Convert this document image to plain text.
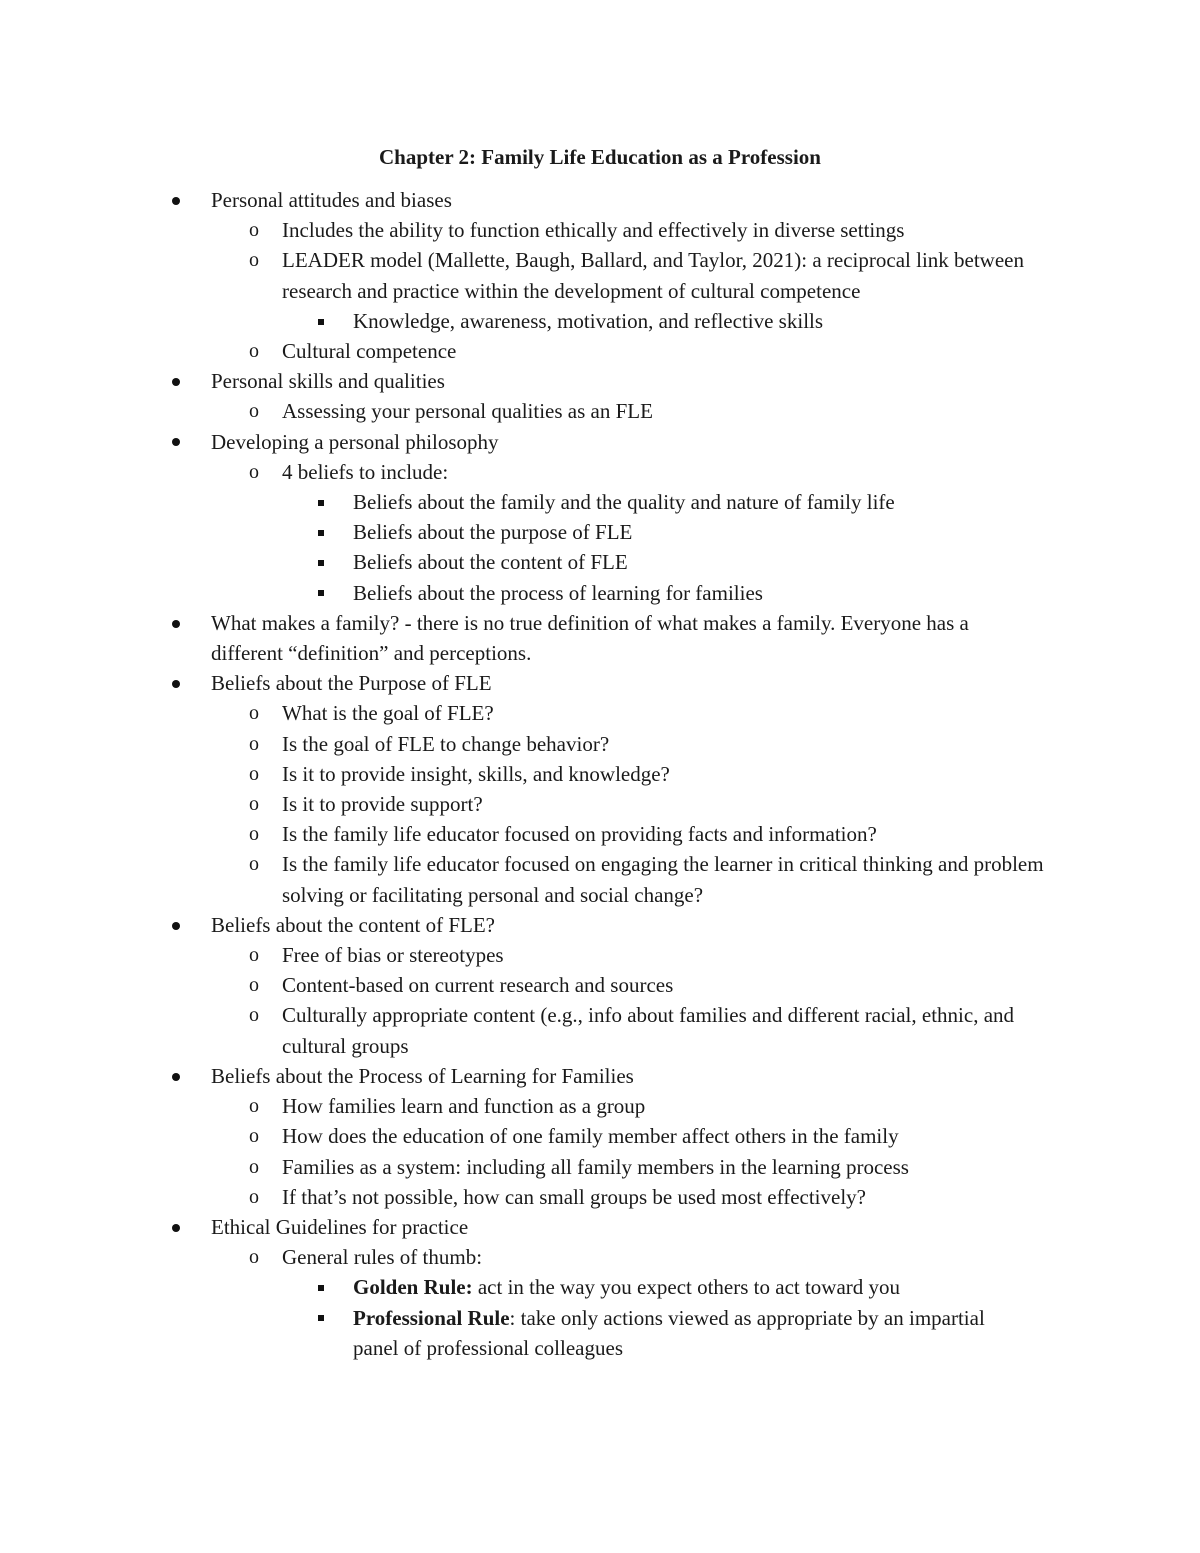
Chapter 2: Family Life Education as a Profession
Personal attitudes and biases
o Includes the ability to function ethically and effectively in diverse settings
o LEADER model (Mallette, Baugh, Ballard, and Taylor, 2021): a reciprocal link between research and practice within the development of cultural competence
Knowledge, awareness, motivation, and reflective skills
o Cultural competence
Personal skills and qualities
o Assessing your personal qualities as an FLE
Developing a personal philosophy
o 4 beliefs to include:
Beliefs about the family and the quality and nature of family life
Beliefs about the purpose of FLE
Beliefs about the content of FLE
Beliefs about the process of learning for families
What makes a family? - there is no true definition of what makes a family. Everyone has a different “definition” and perceptions.
Beliefs about the Purpose of FLE
o What is the goal of FLE?
o Is the goal of FLE to change behavior?
o Is it to provide insight, skills, and knowledge?
o Is it to provide support?
o Is the family life educator focused on providing facts and information?
o Is the family life educator focused on engaging the learner in critical thinking and problem solving or facilitating personal and social change?
Beliefs about the content of FLE?
o Free of bias or stereotypes
o Content-based on current research and sources
o Culturally appropriate content (e.g., info about families and different racial, ethnic, and cultural groups
Beliefs about the Process of Learning for Families
o How families learn and function as a group
o How does the education of one family member affect others in the family
o Families as a system: including all family members in the learning process
o If that’s not possible, how can small groups be used most effectively?
Ethical Guidelines for practice
o General rules of thumb:
Golden Rule: act in the way you expect others to act toward you
Professional Rule: take only actions viewed as appropriate by an impartial panel of professional colleagues
